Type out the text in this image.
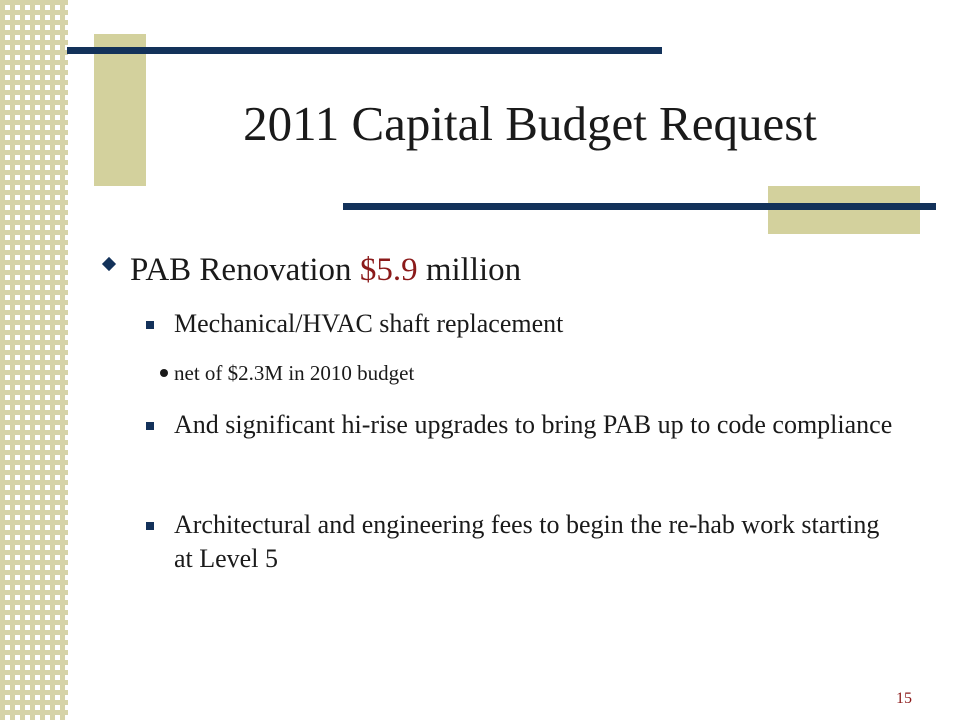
2011 Capital Budget Request
PAB Renovation $5.9 million
Mechanical/HVAC shaft replacement
net of $2.3M in 2010 budget
And significant hi-rise upgrades to bring PAB up to code compliance
Architectural and engineering fees to begin the re-hab work starting at Level 5
15
